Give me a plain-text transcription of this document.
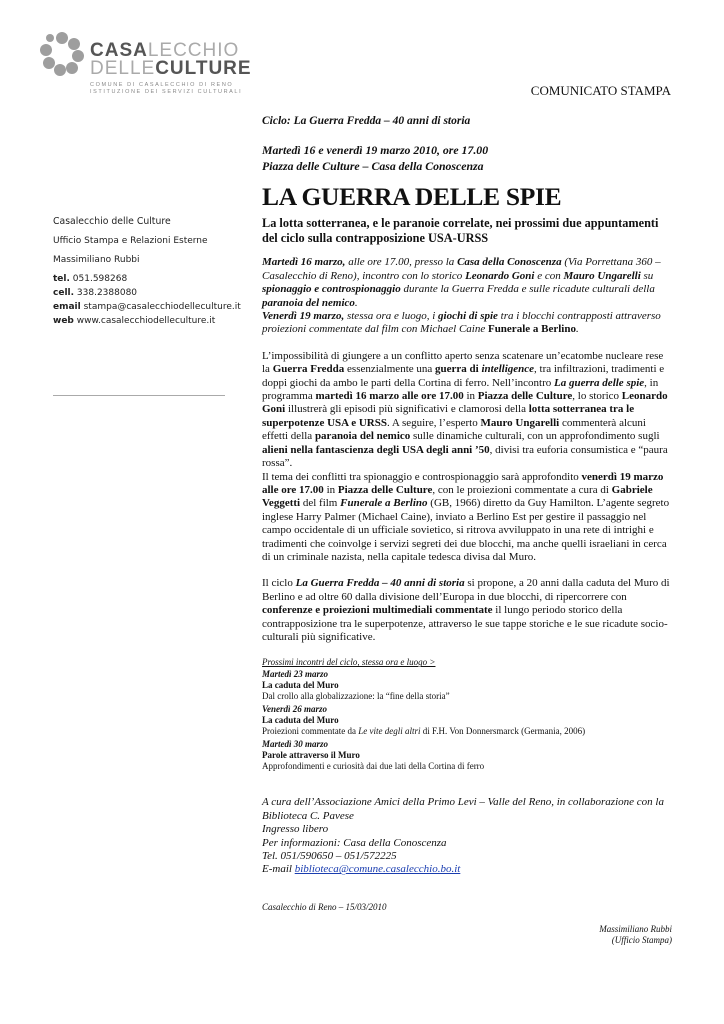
CASALECCHIO
DELLECULTURE
COMUNE DI CASALECCHIO DI RENO
ISTITUZIONE DEI SERVIZI CULTURALI	COMUNICATO STAMPA
Casalecchio delle Culture
Ufficio Stampa e Relazioni Esterne
Massimiliano Rubbi
tel. 051.598268
cell. 338.2388080
email stampa@casalecchiodelleculture.it
web www.casalecchiodelleculture.it
Ciclo: La Guerra Fredda – 40 anni di storia
Martedì 16 e venerdì 19 marzo 2010, ore 17.00
Piazza delle Culture – Casa della Conoscenza
LA GUERRA DELLE SPIE
La lotta sotterranea, e le paranoie correlate, nei prossimi due appuntamenti del ciclo sulla contrapposizione USA-URSS

Martedì 16 marzo, alle ore 17.00, presso la Casa della Conoscenza (Via Porrettana 360 – Casalecchio di Reno), incontro con lo storico Leonardo Goni e con Mauro Ungarelli su spionaggio e controspionaggio durante la Guerra Fredda e sulle ricadute culturali della paranoia del nemico.
Venerdì 19 marzo, stessa ora e luogo, i giochi di spie tra i blocchi contrapposti attraverso proiezioni commentate dal film con Michael Caine Funerale a Berlino.

L’impossibilità di giungere a un conflitto aperto senza scatenare un’ecatombe nucleare rese la Guerra Fredda essenzialmente una guerra di intelligence, tra infiltrazioni, tradimenti e doppi giochi da ambo le parti della Cortina di ferro. Nell’incontro La guerra delle spie, in programma martedì 16 marzo alle ore 17.00 in Piazza delle Culture, lo storico Leonardo Goni illustrerà gli episodi più significativi e clamorosi della lotta sotterranea tra le superpotenze USA e URSS. A seguire, l’esperto Mauro Ungarelli commenterà alcuni effetti della paranoia del nemico sulle dinamiche culturali, con un approfondimento sugli alieni nella fantascienza degli USA degli anni ’50, divisi tra euforia consumistica e “paura rossa”.
Il tema dei conflitti tra spionaggio e controspionaggio sarà approfondito venerdì 19 marzo alle ore 17.00 in Piazza delle Culture, con le proiezioni commentate a cura di Gabriele Veggetti del film Funerale a Berlino (GB, 1966) diretto da Guy Hamilton. L’agente segreto inglese Harry Palmer (Michael Caine), inviato a Berlino Est per gestire il passaggio nel campo occidentale di un ufficiale sovietico, si ritrova avviluppato in una rete di intrighi e tradimenti che coinvolge i servizi segreti dei due blocchi, ma anche quelli israeliani in cerca di un criminale nazista, nella capitale tedesca divisa dal Muro.

Il ciclo La Guerra Fredda – 40 anni di storia si propone, a 20 anni dalla caduta del Muro di Berlino e ad oltre 60 dalla divisione dell’Europa in due blocchi, di ripercorrere con conferenze e proiezioni multimediali commentate il lungo periodo storico della contrapposizione tra le superpotenze, attraverso le sue tappe storiche e le sue ricadute socio-culturali più significative.

Prossimi incontri del ciclo, stessa ora e luogo >
Martedì 23 marzo
La caduta del Muro
Dal crollo alla globalizzazione: la “fine della storia”
Venerdì 26 marzo
La caduta del Muro
Proiezioni commentate da Le vite degli altri di F.H. Von Donnersmarck (Germania, 2006)
Martedì 30 marzo
Parole attraverso il Muro
Approfondimenti e curiosità dai due lati della Cortina di ferro
A cura dell’Associazione Amici della Primo Levi – Valle del Reno, in collaborazione con la Biblioteca C. Pavese
Ingresso libero
Per informazioni: Casa della Conoscenza
Tel. 051/590650 – 051/572225
E-mail biblioteca@comune.casalecchio.bo.it
Casalecchio di Reno – 15/03/2010
Massimiliano Rubbi
(Ufficio Stampa)
